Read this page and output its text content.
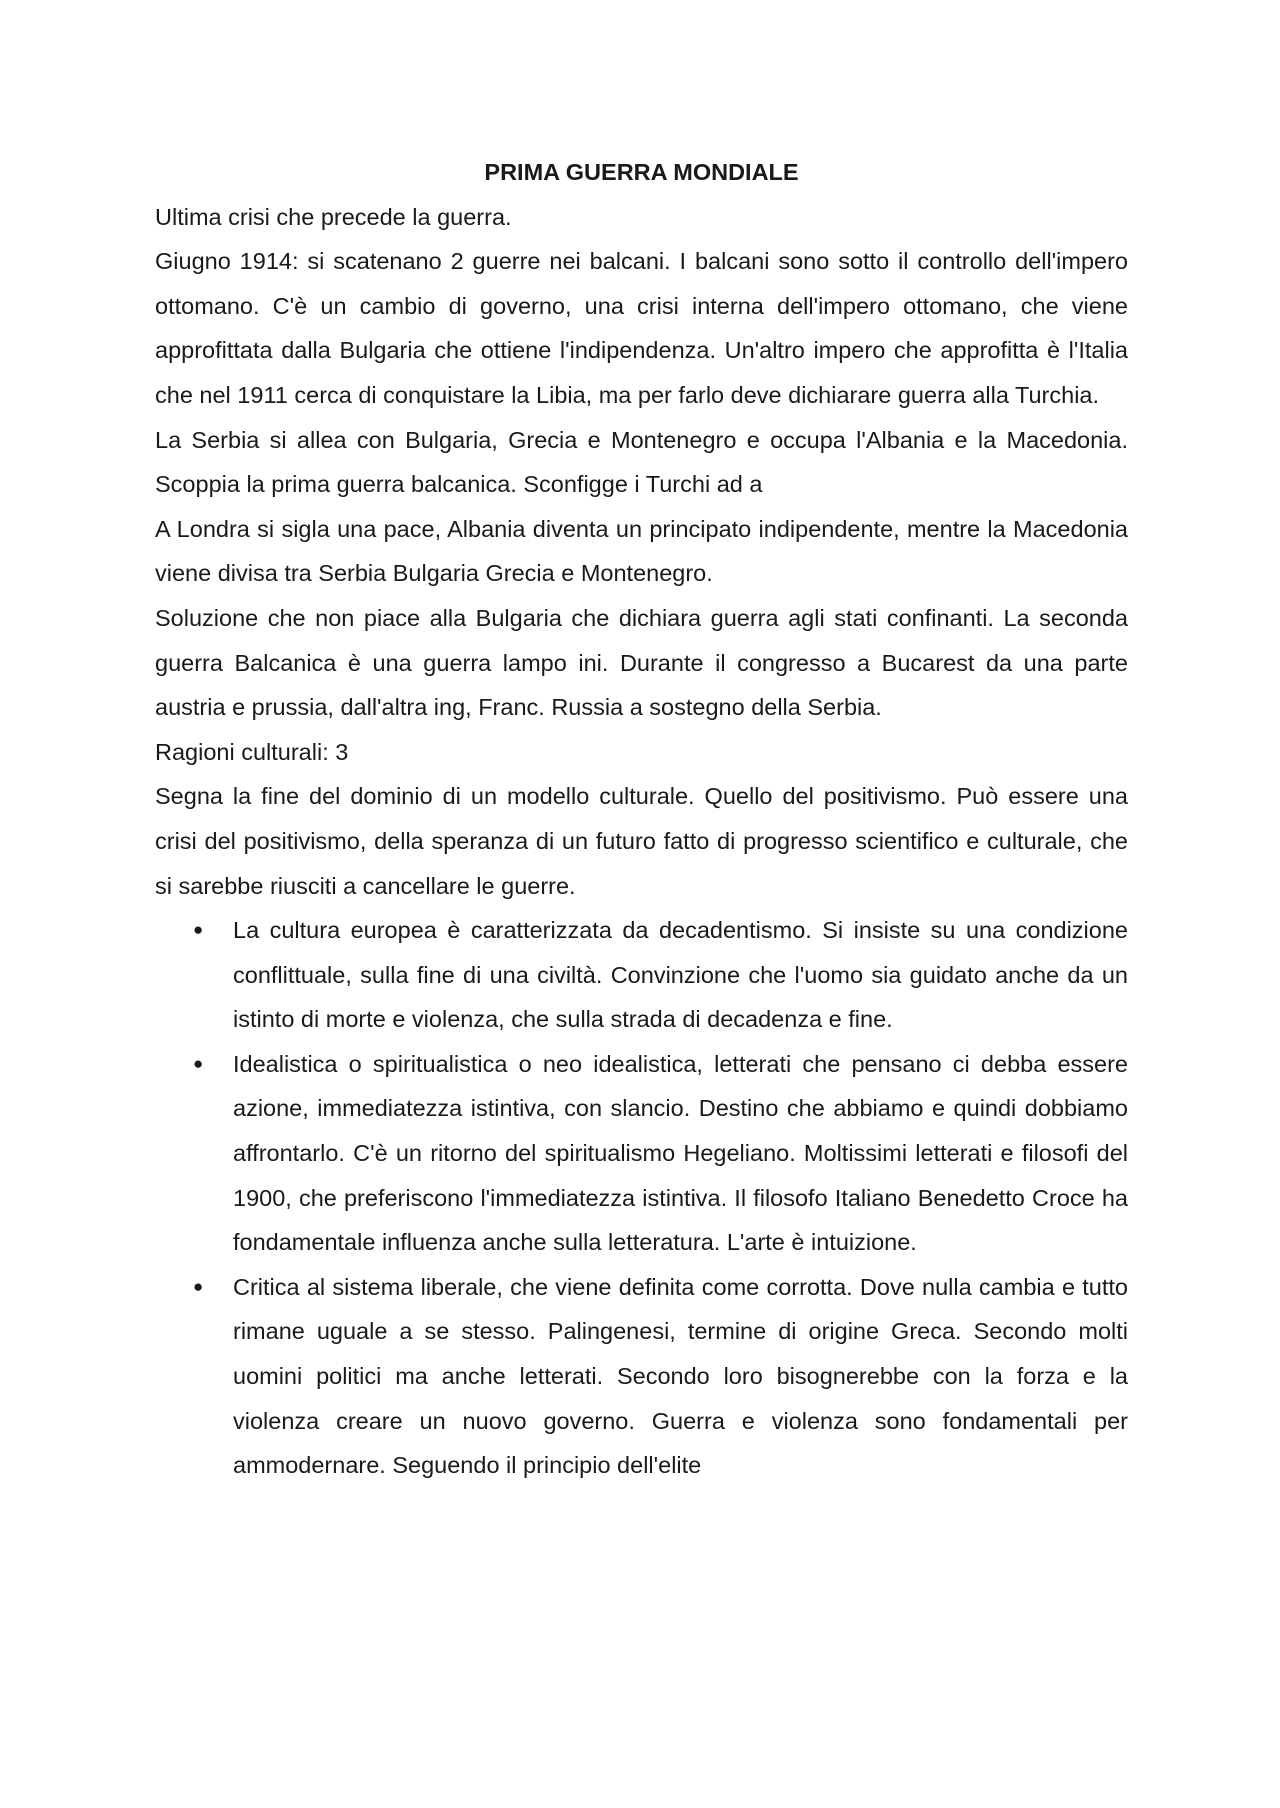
PRIMA GUERRA MONDIALE

Ultima crisi che precede la guerra.

Giugno 1914: si scatenano 2 guerre nei balcani. I balcani sono sotto il controllo dell'impero ottomano. C'è un cambio di governo, una crisi interna dell'impero ottomano, che viene approfittata dalla Bulgaria che ottiene l'indipendenza. Un'altro impero che approfitta è l'Italia che nel 1911 cerca di conquistare la Libia, ma per farlo deve dichiarare guerra alla Turchia.

La Serbia si allea con Bulgaria, Grecia e Montenegro e occupa l'Albania e la Macedonia. Scoppia la prima guerra balcanica. Sconfigge i Turchi ad a

A Londra si sigla una pace, Albania diventa un principato indipendente, mentre la Macedonia viene divisa tra Serbia Bulgaria Grecia e Montenegro.

Soluzione che non piace alla Bulgaria che dichiara guerra agli stati confinanti. La seconda guerra Balcanica è una guerra lampo ini. Durante il congresso a Bucarest da una parte austria e prussia, dall'altra ing, Franc. Russia a sostegno della Serbia.

Ragioni culturali: 3

Segna la fine del dominio di un modello culturale. Quello del positivismo. Può essere una crisi del positivismo, della speranza di un futuro fatto di progresso scientifico e culturale, che si sarebbe riusciti a cancellare le guerre.

● La cultura europea è caratterizzata da decadentismo. Si insiste su una condizione conflittuale, sulla fine di una civiltà. Convinzione che l'uomo sia guidato anche da un istinto di morte e violenza, che sulla strada di decadenza e fine.
● Idealistica o spiritualistica o neo idealistica, letterati che pensano ci debba essere azione, immediatezza istintiva, con slancio. Destino che abbiamo e quindi dobbiamo affrontarlo. C'è un ritorno del spiritualismo Hegeliano. Moltissimi letterati e filosofi del 1900, che preferiscono l'immediatezza istintiva. Il filosofo Italiano Benedetto Croce ha fondamentale influenza anche sulla letteratura. L'arte è intuizione.
● Critica al sistema liberale, che viene definita come corrotta. Dove nulla cambia e tutto rimane uguale a se stesso. Palingenesi, termine di origine Greca. Secondo molti uomini politici ma anche letterati. Secondo loro bisognerebbe con la forza e la violenza creare un nuovo governo. Guerra e violenza sono fondamentali per ammodernare. Seguendo il principio dell'elite
